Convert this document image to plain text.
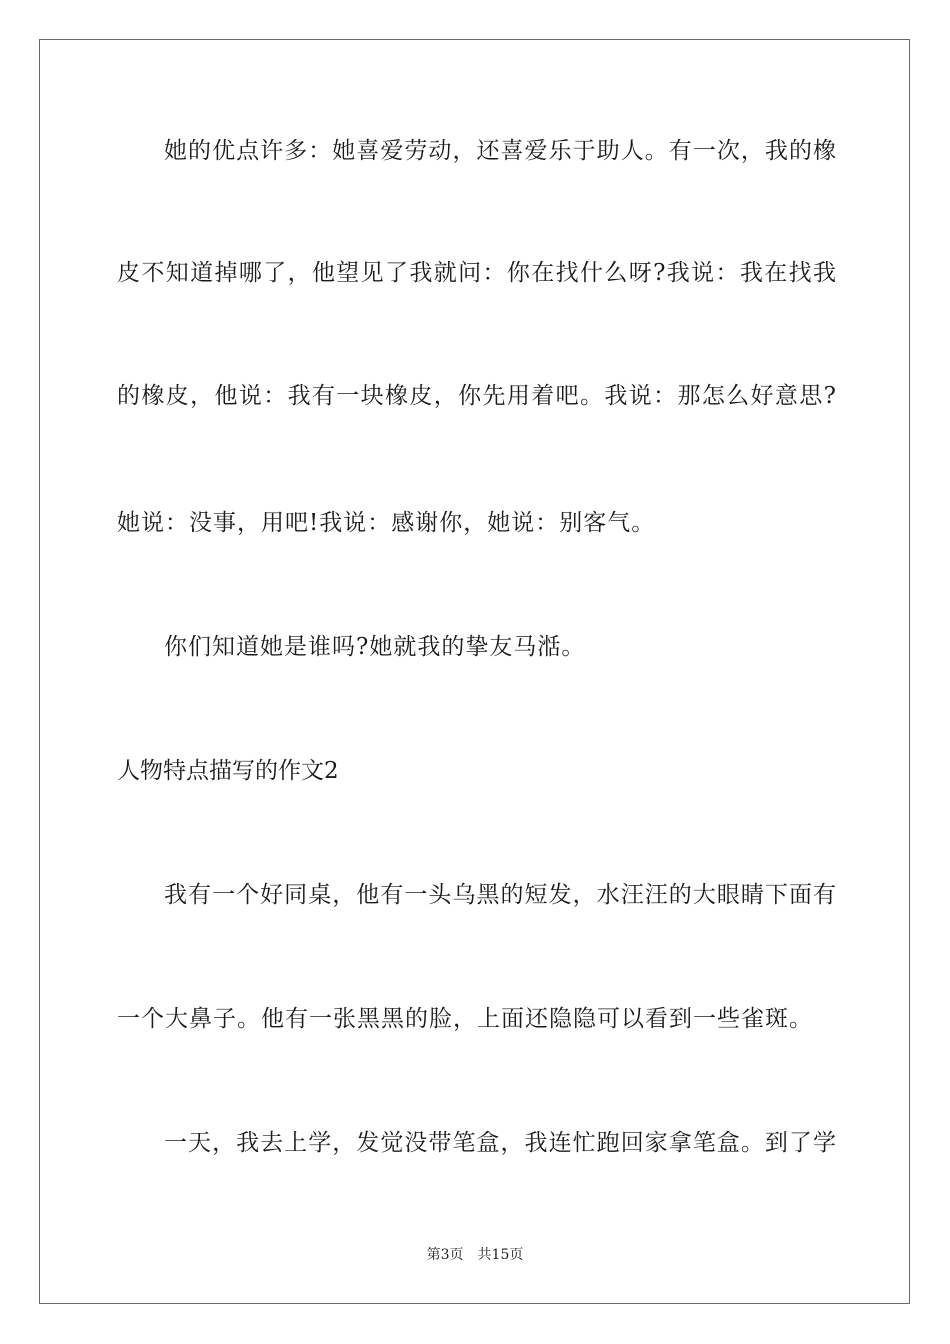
她的优点许多：她喜爱劳动，还喜爱乐于助人。有一次，我的橡
皮不知道掉哪了，他望见了我就问：你在找什么呀?我说：我在找我
的橡皮，他说：我有一块橡皮，你先用着吧。我说：那怎么好意思?
她说：没事，用吧!我说：感谢你，她说：别客气。
你们知道她是谁吗?她就我的挚友马湉。
人物特点描写的作文2
我有一个好同桌，他有一头乌黑的短发，水汪汪的大眼睛下面有
一个大鼻子。他有一张黑黑的脸，上面还隐隐可以看到一些雀斑。
一天，我去上学，发觉没带笔盒，我连忙跑回家拿笔盒。到了学
第3页　共15页
